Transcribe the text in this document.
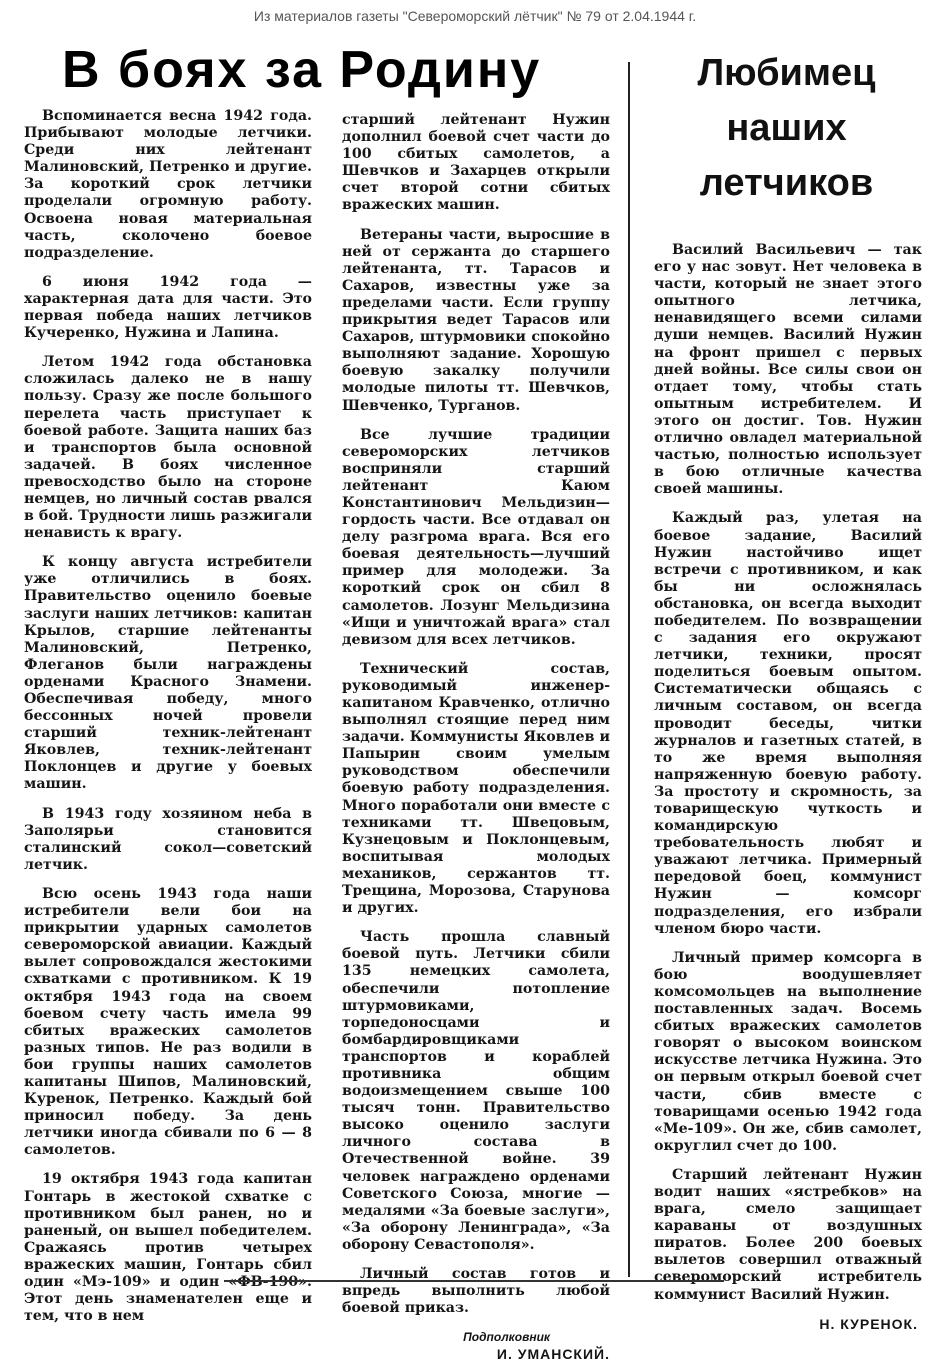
Из материалов газеты "Североморский лётчик" № 79 от 2.04.1944 г.
В боях за Родину

Вспоминается весна 1942 года. Прибывают молодые летчики. Среди них лейтенант Малиновский, Петренко и другие. За короткий срок летчики проделали огромную работу. Освоена новая материальная часть, сколочено боевое подразделение.

6 июня 1942 года — характерная дата для части. Это первая победа наших летчиков Кучеренко, Нужина и Лапина.

Летом 1942 года обстановка сложилась далеко не в нашу пользу. Сразу же после большого перелета часть приступает к боевой работе. Защита наших баз и транспортов была основной задачей. В боях численное превосходство было на стороне немцев, но личный состав рвался в бой. Трудности лишь разжигали ненависть к врагу.

К концу августа истребители уже отличились в боях. Правительство оценило боевые заслуги наших летчиков: капитан Крылов, старшие лейтенанты Малиновский, Петренко, Флеганов были награждены орденами Красного Знамени. Обеспечивая победу, много бессонных ночей провели старший техник-лейтенант Яковлев, техник-лейтенант Поклонцев и другие у боевых машин.

В 1943 году хозяином неба в Заполярьи становится сталинский сокол—советский летчик.

Всю осень 1943 года наши истребители вели бои на прикрытии ударных самолетов североморской авиации. Каждый вылет сопровождался жестокими схватками с противником. К 19 октября 1943 года на своем боевом счету часть имела 99 сбитых вражеских самолетов разных типов. Не раз водили в бои группы наших самолетов капитаны Шипов, Малиновский, Куренок, Петренко. Каждый бой приносил победу. За день летчики иногда сбивали по 6 — 8 самолетов.

19 октября 1943 года капитан Гонтарь в жестокой схватке с противником был ранен, но и раненый, он вышел победителем. Сражаясь против четырех вражеских машин, Гонтарь сбил один «Мэ-109» и один «ФВ-190». Этот день знаменателен еще и тем, что в нем

старший лейтенант Нужин дополнил боевой счет части до 100 сбитых самолетов, а Шевчков и Захарцев открыли счет второй сотни сбитых вражеских машин.

Ветераны части, выросшие в ней от сержанта до старшего лейтенанта, тт. Тарасов и Сахаров, известны уже за пределами части. Если группу прикрытия ведет Тарасов или Сахаров, штурмовики спокойно выполняют задание. Хорошую боевую закалку получили молодые пилоты тт. Шевчков, Шевченко, Турганов.

Все лучшие традиции североморских летчиков восприняли старший лейтенант Каюм Константинович Мельдизин—гордость части. Все отдавал он делу разгрома врага. Вся его боевая деятельность—лучший пример для молодежи. За короткий срок он сбил 8 самолетов. Лозунг Мельдизина «Ищи и уничтожай врага» стал девизом для всех летчиков.

Технический состав, руководимый инженер-капитаном Кравченко, отлично выполнял стоящие перед ним задачи. Коммунисты Яковлев и Папырин своим умелым руководством обеспечили боевую работу подразделения. Много поработали они вместе с техниками тт. Швецовым, Кузнецовым и Поклонцевым, воспитывая молодых механиков, сержантов тт. Трещина, Морозова, Старунова и других.

Часть прошла славный боевой путь. Летчики сбили 135 немецких самолета, обеспечили потопление штурмовиками, торпедоносцами и бомбардировщиками транспортов и кораблей противника общим водоизмещением свыше 100 тысяч тонн. Правительство высоко оценило заслуги личного состава в Отечественной войне. 39 человек награждено орденами Советского Союза, многие — медалями «За боевые заслуги», «За оборону Ленинграда», «За оборону Севастополя».

Личный состав готов и впредь выполнить любой боевой приказ.

Подполковник
И. УМАНСКИЙ.
Любимец наших летчиков

Василий Васильевич — так его у нас зовут. Нет человека в части, который не знает этого опытного летчика, ненавидящего всеми силами души немцев. Василий Нужин на фронт пришел с первых дней войны. Все силы свои он отдает тому, чтобы стать опытным истребителем. И этого он достиг. Тов. Нужин отлично овладел материальной частью, полностью использует в бою отличные качества своей машины.

Каждый раз, улетая на боевое задание, Василий Нужин настойчиво ищет встречи с противником, и как бы ни осложнялась обстановка, он всегда выходит победителем. По возвращении с задания его окружают летчики, техники, просят поделиться боевым опытом. Систематически общаясь с личным составом, он всегда проводит беседы, читки журналов и газетных статей, в то же время выполняя напряженную боевую работу. За простоту и скромность, за товарищескую чуткость и командирскую требовательность любят и уважают летчика. Примерный передовой боец, коммунист Нужин — комсорг подразделения, его избрали членом бюро части.

Личный пример комсорга в бою воодушевляет комсомольцев на выполнение поставленных задач. Восемь сбитых вражеских самолетов говорят о высоком воинском искусстве летчика Нужина. Это он первым открыл боевой счет части, сбив вместе с товарищами осенью 1942 года «Ме-109». Он же, сбив самолет, округлил счет до 100.

Старший лейтенант Нужин водит наших «ястребков» на врага, смело защищает караваны от воздушных пиратов. Более 200 боевых вылетов совершил отважный североморский истребитель коммунист Василий Нужин.

Н. КУРЕНОК.
